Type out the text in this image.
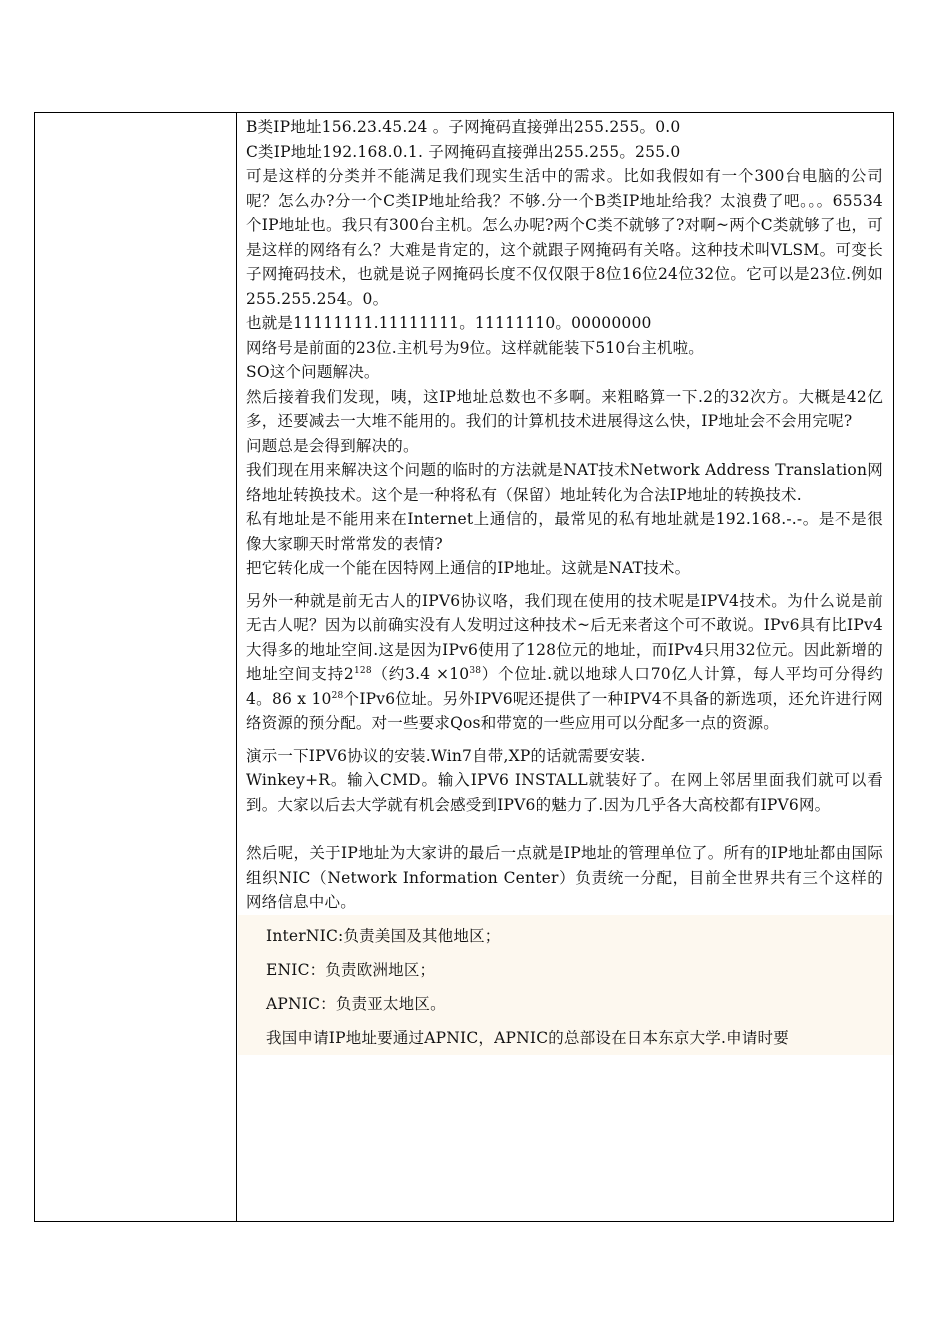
B类IP地址156.23.45.24 。子网掩码直接弹出255.255。0.0

C类IP地址192.168.0.1. 子网掩码直接弹出255.255。255.0

可是这样的分类并不能满足我们现实生活中的需求。比如我假如有一个300台电脑的公司呢？怎么办?分一个C类IP地址给我？不够.分一个B类IP地址给我？太浪费了吧。。。65534个IP地址也。我只有300台主机。怎么办呢?两个C类不就够了?对啊~两个C类就够了也，可是这样的网络有么？大难是肯定的，这个就跟子网掩码有关咯。这种技术叫VLSM。可变长子网掩码技术，也就是说子网掩码长度不仅仅限于8位16位24位32位。它可以是23位.例如255.255.254。0。

也就是11111111.11111111。11111110。00000000

网络号是前面的23位.主机号为9位。这样就能装下510台主机啦。

SO这个问题解决。

然后接着我们发现，咦，这IP地址总数也不多啊。来粗略算一下.2的32次方。大概是42亿多，还要减去一大堆不能用的。我们的计算机技术进展得这么快，IP地址会不会用完呢?

问题总是会得到解决的。

我们现在用来解决这个问题的临时的方法就是NAT技术Network Address Translation网络地址转换技术。这个是一种将私有（保留）地址转化为合法IP地址的转换技术.

私有地址是不能用来在Internet上通信的，最常见的私有地址就是192.168.-.-。是不是很像大家聊天时常常发的表情?

把它转化成一个能在因特网上通信的IP地址。这就是NAT技术。

另外一种就是前无古人的IPV6协议咯，我们现在使用的技术呢是IPV4技术。为什么说是前无古人呢？因为以前确实没有人发明过这种技术~后无来者这个可不敢说。IPv6具有比IPv4大得多的地址空间.这是因为IPv6使用了128位元的地址，而IPv4只用32位元。因此新增的地址空间支持$2^{128}$（约$3.4 \times 10^{38}$）个位址.就以地球人口70亿人计算，每人平均可分得约4。86 x $10^{28}$个IPv6位址。另外IPV6呢还提供了一种IPV4不具备的新选项，还允许进行网络资源的预分配。对一些要求Qos和带宽的一些应用可以分配多一点的资源。

演示一下IPV6协议的安装.Win7自带,XP的话就需要安装.

Winkey+R。输入CMD。输入IPV6 INSTALL就装好了。在网上邻居里面我们就可以看到。大家以后去大学就有机会感受到IPV6的魅力了.因为几乎各大高校都有IPV6网。

然后呢，关于IP地址为大家讲的最后一点就是IP地址的管理单位了。所有的IP地址都由国际组织NIC（Network Information Center）负责统一分配，目前全世界共有三个这样的网络信息中心。

InterNIC:负责美国及其他地区；

ENIC：负责欧洲地区；

APNIC：负责亚太地区。

我国申请IP地址要通过APNIC，APNIC的总部设在日本东京大学.申请时要
